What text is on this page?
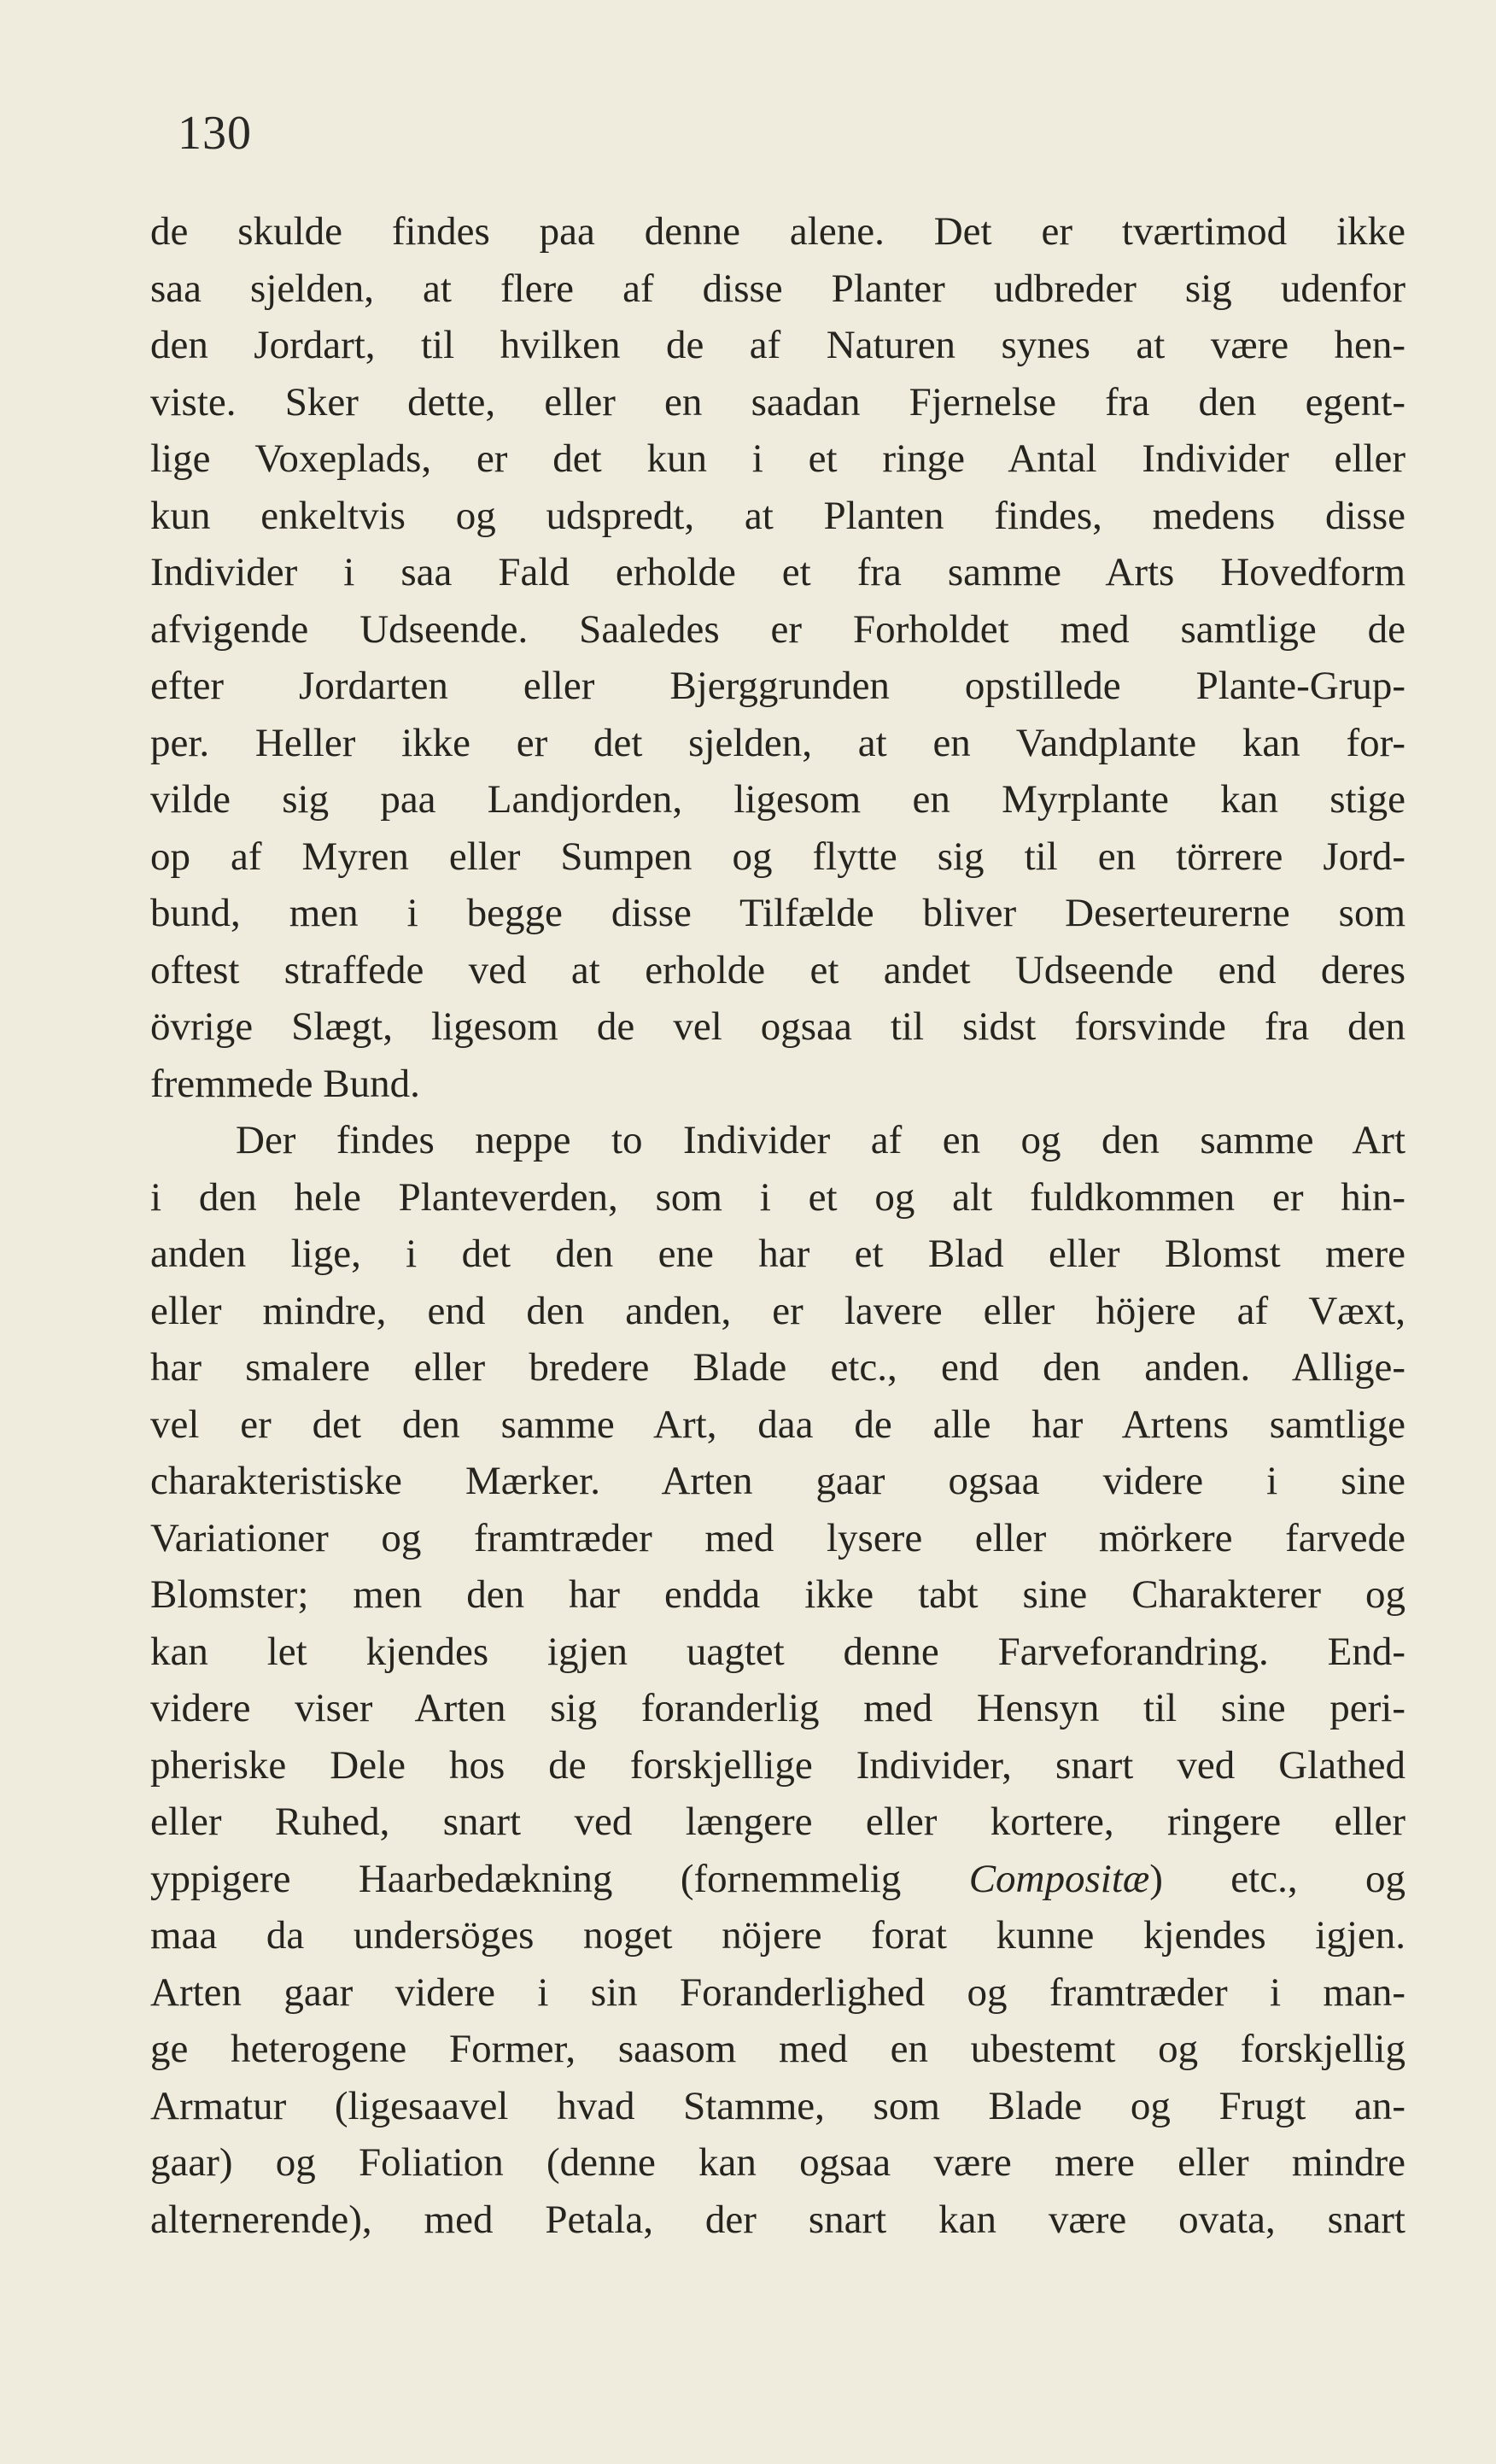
130
de skulde findes paa denne alene. Det er tværtimod ikke
saa sjelden, at flere af disse Planter udbreder sig udenfor
den Jordart, til hvilken de af Naturen synes at være hen-
viste. Sker dette, eller en saadan Fjernelse fra den egent-
lige Voxeplads, er det kun i et ringe Antal Individer eller
kun enkeltvis og udspredt, at Planten findes, medens disse
Individer i saa Fald erholde et fra samme Arts Hovedform
afvigende Udseende. Saaledes er Forholdet med samtlige de
efter Jordarten eller Bjerggrunden opstillede Plante-Grup-
per. Heller ikke er det sjelden, at en Vandplante kan for-
vilde sig paa Landjorden, ligesom en Myrplante kan stige
op af Myren eller Sumpen og flytte sig til en törrere Jord-
bund, men i begge disse Tilfælde bliver Deserteurerne som
oftest straffede ved at erholde et andet Udseende end deres
övrige Slægt, ligesom de vel ogsaa til sidst forsvinde fra den
fremmede Bund.
Der findes neppe to Individer af en og den samme Art
i den hele Planteverden, som i et og alt fuldkommen er hin-
anden lige, i det den ene har et Blad eller Blomst mere
eller mindre, end den anden, er lavere eller höjere af Væxt,
har smalere eller bredere Blade etc., end den anden. Allige-
vel er det den samme Art, daa de alle har Artens samtlige
charakteristiske Mærker. Arten gaar ogsaa videre i sine
Variationer og framtræder med lysere eller mörkere farvede
Blomster; men den har endda ikke tabt sine Charakterer og
kan let kjendes igjen uagtet denne Farveforandring. End-
videre viser Arten sig foranderlig med Hensyn til sine peri-
pheriske Dele hos de forskjellige Individer, snart ved Glathed
eller Ruhed, snart ved længere eller kortere, ringere eller
yppigere Haarbedækning (fornemmelig Compositæ) etc., og
maa da undersöges noget nöjere forat kunne kjendes igjen.
Arten gaar videre i sin Foranderlighed og framtræder i man-
ge heterogene Former, saasom med en ubestemt og forskjellig
Armatur (ligesaavel hvad Stamme, som Blade og Frugt an-
gaar) og Foliation (denne kan ogsaa være mere eller mindre
alternerende), med Petala, der snart kan være ovata, snart
